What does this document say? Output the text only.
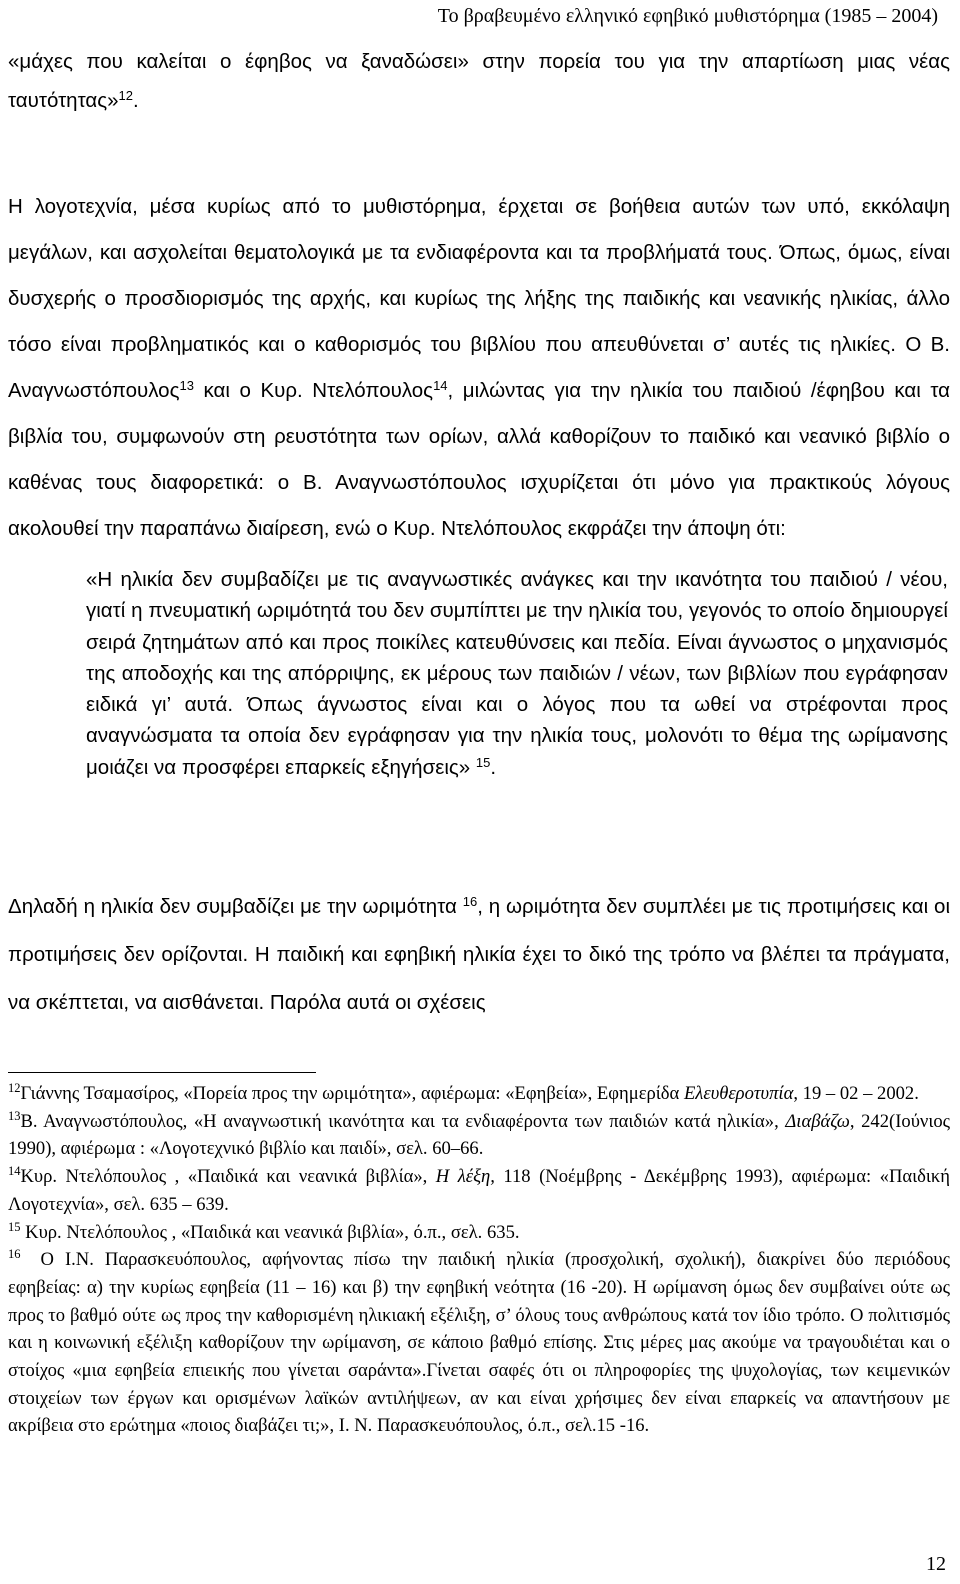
Το βραβευμένο ελληνικό εφηβικό μυθιστόρημα (1985 – 2004)
«μάχες που καλείται ο έφηβος να ξαναδώσει» στην πορεία του για την απαρτίωση μιας νέας ταυτότητας»$^{12}$.
Η λογοτεχνία, μέσα κυρίως από το μυθιστόρημα, έρχεται σε βοήθεια αυτών των υπό, εκκόλαψη μεγάλων, και ασχολείται θεματολογικά με τα ενδιαφέροντα και τα προβλήματά τους. Όπως, όμως, είναι δυσχερής ο προσδιορισμός της αρχής, και κυρίως της λήξης της παιδικής και νεανικής ηλικίας, άλλο τόσο είναι προβληματικός και ο καθορισμός του βιβλίου που απευθύνεται σ’ αυτές τις ηλικίες. Ο Β. Αναγνωστόπουλος$^{13}$ και ο Κυρ. Ντελόπουλος$^{14}$, μιλώντας για την ηλικία του παιδιού /έφηβου και τα βιβλία του, συμφωνούν στη ρευστότητα των ορίων, αλλά καθορίζουν το παιδικό και νεανικό βιβλίο ο καθένας τους διαφορετικά: ο Β. Αναγνωστόπουλος ισχυρίζεται ότι μόνο για πρακτικούς λόγους ακολουθεί την παραπάνω διαίρεση, ενώ ο Κυρ. Ντελόπουλος εκφράζει την άποψη ότι:
«Η ηλικία δεν συμβαδίζει με τις αναγνωστικές ανάγκες και την ικανότητα του παιδιού / νέου, γιατί η πνευματική ωριμότητά του δεν συμπίπτει με την ηλικία του, γεγονός το οποίο δημιουργεί σειρά ζητημάτων από και προς ποικίλες κατευθύνσεις και πεδία. Είναι άγνωστος ο μηχανισμός της αποδοχής και της απόρριψης, εκ μέρους των παιδιών / νέων, των βιβλίων που εγράφησαν ειδικά γι’ αυτά. Όπως άγνωστος είναι και ο λόγος που τα ωθεί να στρέφονται προς αναγνώσματα τα οποία δεν εγράφησαν για την ηλικία τους, μολονότι το θέμα της ωρίμανσης μοιάζει να προσφέρει επαρκείς εξηγήσεις» $^{15}$.
Δηλαδή η ηλικία δεν συμβαδίζει με την ωριμότητα $^{16}$, η ωριμότητα δεν συμπλέει με τις προτιμήσεις και οι προτιμήσεις δεν ορίζονται. Η παιδική και εφηβική ηλικία έχει το δικό της τρόπο να βλέπει τα πράγματα, να σκέπτεται, να αισθάνεται. Παρόλα αυτά οι σχέσεις

$^{12}$Γιάννης Τσαμασίρος, «Πορεία προς την ωριμότητα», αφιέρωμα: «Εφηβεία», Εφημερίδα Ελευθεροτυπία, 19 – 02 – 2002.

$^{13}$Β. Αναγνωστόπουλος, «Η αναγνωστική ικανότητα και τα ενδιαφέροντα των παιδιών κατά ηλικία», Διαβάζω, 242(Ιούνιος 1990), αφιέρωμα : «Λογοτεχνικό βιβλίο και παιδί», σελ. 60–66.

$^{14}$Κυρ. Ντελόπουλος , «Παιδικά και νεανικά βιβλία», Η λέξη, 118 (Νοέμβρης - Δεκέμβρης 1993), αφιέρωμα: «Παιδική Λογοτεχνία», σελ. 635 – 639.

$^{15}$ Κυρ. Ντελόπουλος , «Παιδικά και νεανικά βιβλία», ό.π., σελ. 635.

$^{16}$ Ο Ι.Ν. Παρασκευόπουλος, αφήνοντας πίσω την παιδική ηλικία (προσχολική, σχολική), διακρίνει δύο περιόδους εφηβείας: α) την κυρίως εφηβεία (11 – 16) και β) την εφηβική νεότητα (16 -20). Η ωρίμανση όμως δεν συμβαίνει ούτε ως προς το βαθμό ούτε ως προς την καθορισμένη ηλικιακή εξέλιξη, σ’ όλους τους ανθρώπους κατά τον ίδιο τρόπο. Ο πολιτισμός και η κοινωνική εξέλιξη καθορίζουν την ωρίμανση, σε κάποιο βαθμό επίσης. Στις μέρες μας ακούμε να τραγουδιέται και ο στοίχος «μια εφηβεία επιεικής που γίνεται σαράντα».Γίνεται σαφές ότι οι πληροφορίες της ψυχολογίας, των κειμενικών στοιχείων των έργων και ορισμένων λαϊκών αντιλήψεων, αν και είναι χρήσιμες δεν είναι επαρκείς να απαντήσουν με ακρίβεια στο ερώτημα «ποιος διαβάζει τι;», Ι. Ν. Παρασκευόπουλος, ό.π., σελ.15 -16.

12
